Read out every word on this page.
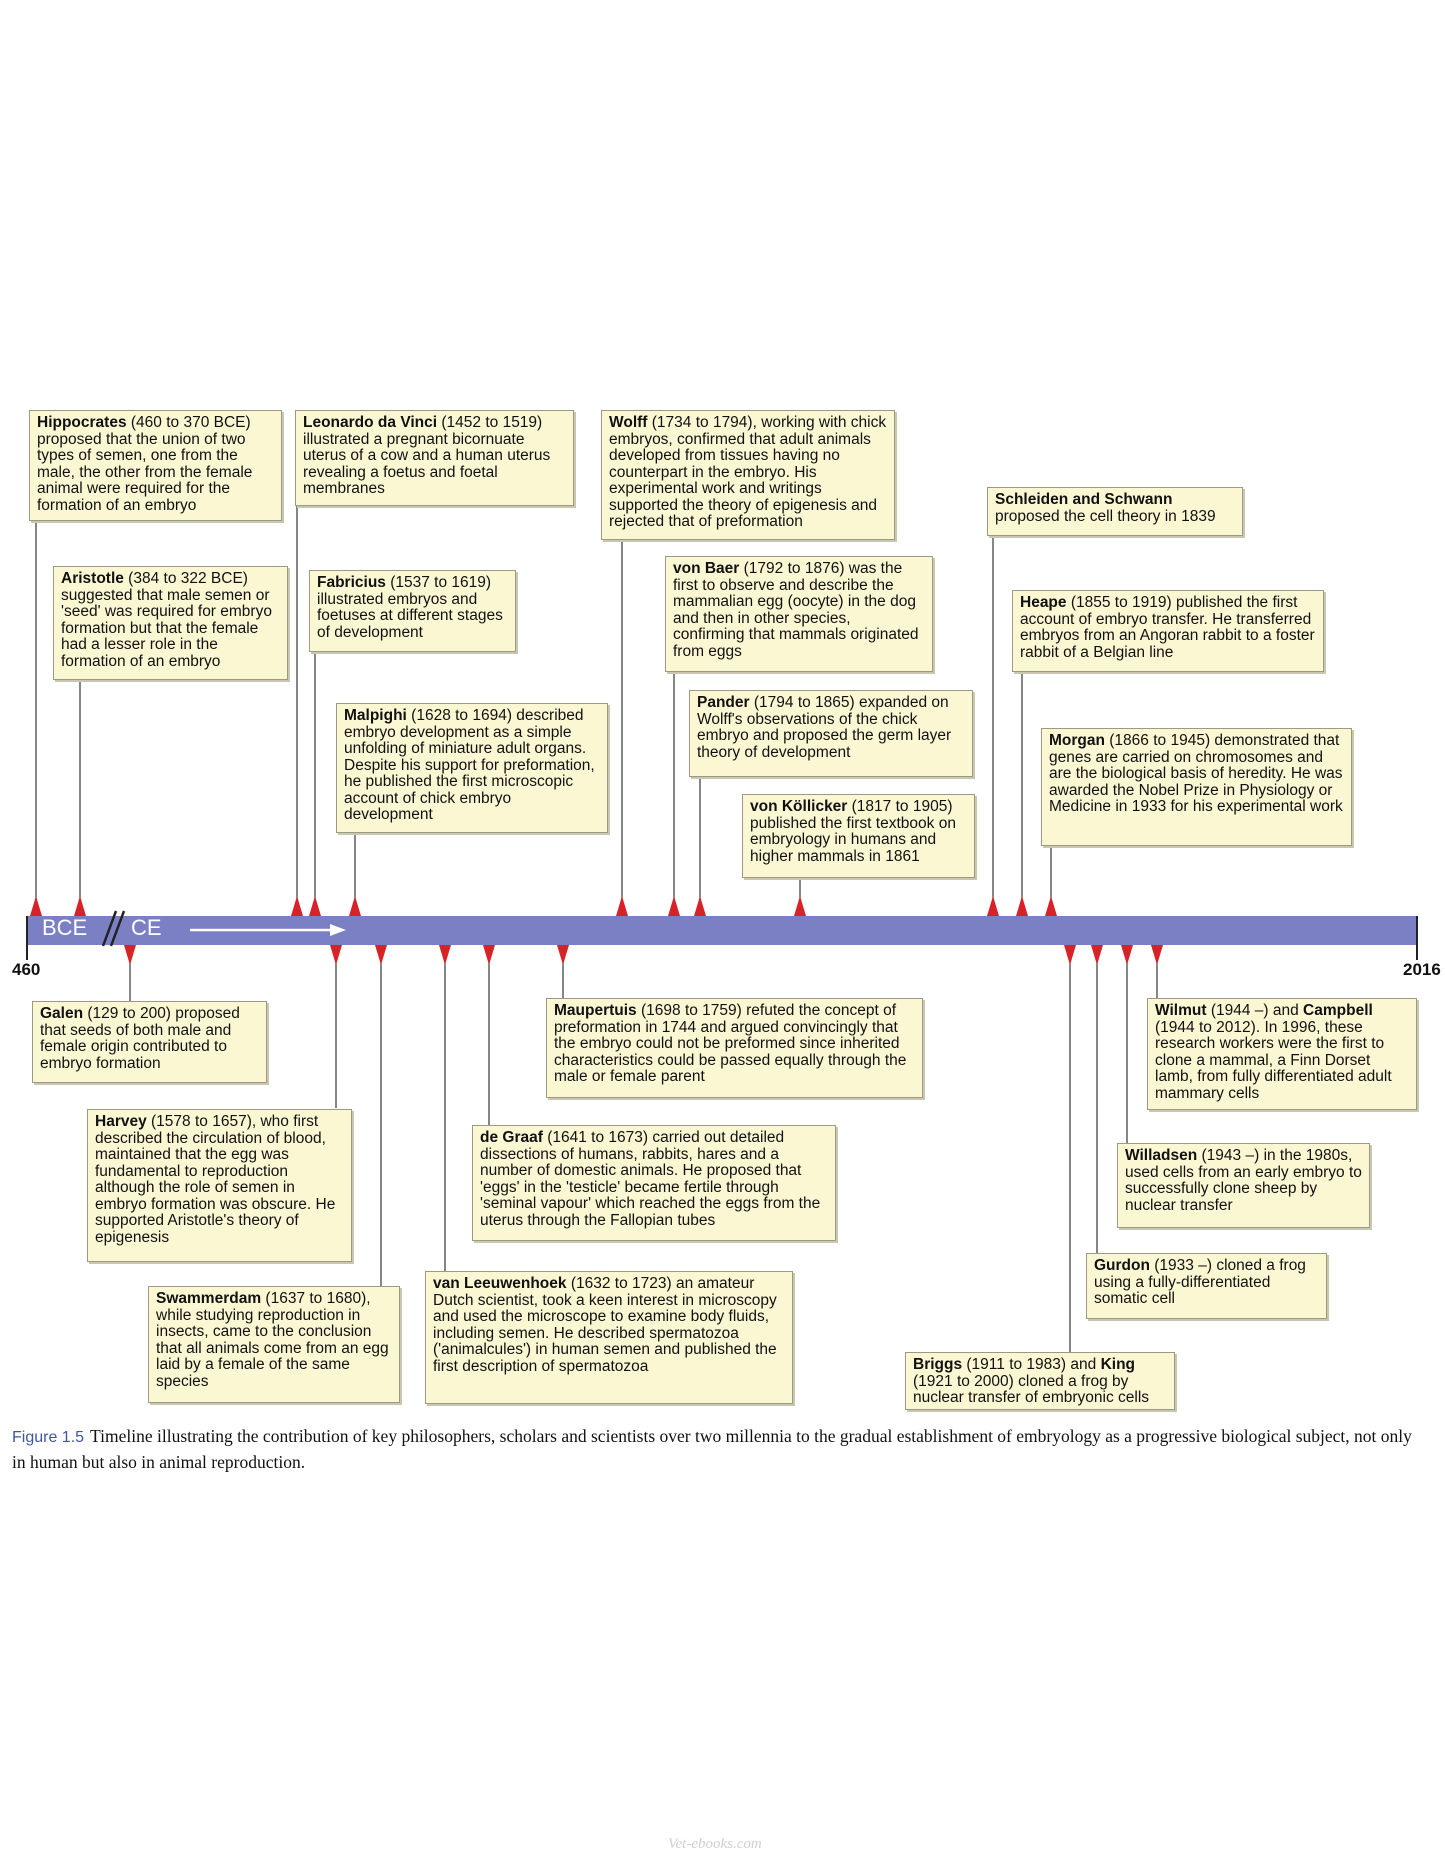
BCE CE
460	2016
Hippocrates (460 to 370 BCE) proposed that the union of two types of semen, one from the male, the other from the female animal were required for the formation of an embryo
Aristotle (384 to 322 BCE) suggested that male semen or 'seed' was required for embryo formation but that the female had a lesser role in the formation of an embryo
Leonardo da Vinci (1452 to 1519) illustrated a pregnant bicornuate uterus of a cow and a human uterus revealing a foetus and foetal membranes
Fabricius (1537 to 1619) illustrated embryos and foetuses at different stages of development
Malpighi (1628 to 1694) described embryo development as a simple unfolding of miniature adult organs. Despite his support for preformation, he published the first microscopic account of chick embryo development
Wolff (1734 to 1794), working with chick embryos, confirmed that adult animals developed from tissues having no counterpart in the embryo. His experimental work and writings supported the theory of epigenesis and rejected that of preformation
von Baer (1792 to 1876) was the first to observe and describe the mammalian egg (oocyte) in the dog and then in other species, confirming that mammals originated from eggs
Pander (1794 to 1865) expanded on Wolff's observations of the chick embryo and proposed the germ layer theory of development
von Köllicker (1817 to 1905) published the first textbook on embryology in humans and higher mammals in 1861
Schleiden and Schwann proposed the cell theory in 1839
Heape (1855 to 1919) published the first account of embryo transfer. He transferred embryos from an Angoran rabbit to a foster rabbit of a Belgian line
Morgan (1866 to 1945) demonstrated that genes are carried on chromosomes and are the biological basis of heredity. He was awarded the Nobel Prize in Physiology or Medicine in 1933 for his experimental work
Galen (129 to 200) proposed that seeds of both male and female origin contributed to embryo formation
Harvey (1578 to 1657), who first described the circulation of blood, maintained that the egg was fundamental to reproduction although the role of semen in embryo formation was obscure. He supported Aristotle's theory of epigenesis
Swammerdam (1637 to 1680), while studying reproduction in insects, came to the conclusion that all animals come from an egg laid by a female of the same species
van Leeuwenhoek (1632 to 1723) an amateur Dutch scientist, took a keen interest in microscopy and used the microscope to examine body fluids, including semen. He described spermatozoa ('animalcules') in human semen and published the first description of spermatozoa
de Graaf (1641 to 1673) carried out detailed dissections of humans, rabbits, hares and a number of domestic animals. He proposed that 'eggs' in the 'testicle' became fertile through 'seminal vapour' which reached the eggs from the uterus through the Fallopian tubes
Maupertuis (1698 to 1759) refuted the concept of preformation in 1744 and argued convincingly that the embryo could not be preformed since inherited characteristics could be passed equally through the male or female parent
Briggs (1911 to 1983) and King (1921 to 2000) cloned a frog by nuclear transfer of embryonic cells
Gurdon (1933 –) cloned a frog using a fully-differentiated somatic cell
Willadsen (1943 –) in the 1980s, used cells from an early embryo to successfully clone sheep by nuclear transfer
Wilmut (1944 –) and Campbell (1944 to 2012). In 1996, these research workers were the first to clone a mammal, a Finn Dorset lamb, from fully differentiated adult mammary cells
Figure 1.5 Timeline illustrating the contribution of key philosophers, scholars and scientists over two millennia to the gradual establishment of embryology as a progressive biological subject, not only in human but also in animal reproduction.
Vet-ebooks.com
